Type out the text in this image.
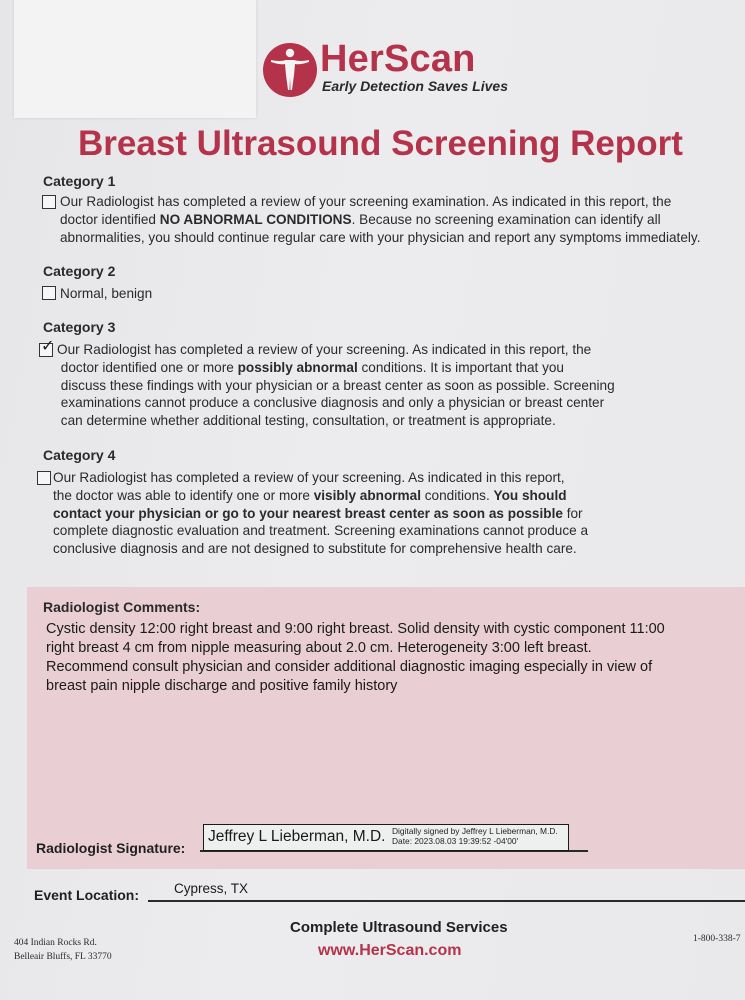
HerScan
Early Detection Saves Lives
Breast Ultrasound Screening Report
Category 1
Our Radiologist has completed a review of your screening examination. As indicated in this report, the
doctor identified NO ABNORMAL CONDITIONS. Because no screening examination can identify all
abnormalities, you should continue regular care with your physician and report any symptoms immediately.
Category 2
Normal, benign
Category 3
✓ Our Radiologist has completed a review of your screening. As indicated in this report, the
doctor identified one or more possibly abnormal conditions. It is important that you
discuss these findings with your physician or a breast center as soon as possible. Screening
examinations cannot produce a conclusive diagnosis and only a physician or breast center
can determine whether additional testing, consultation, or treatment is appropriate.
Category 4
Our Radiologist has completed a review of your screening. As indicated in this report,
the doctor was able to identify one or more visibly abnormal conditions. You should
contact your physician or go to your nearest breast center as soon as possible for
complete diagnostic evaluation and treatment. Screening examinations cannot produce a
conclusive diagnosis and are not designed to substitute for comprehensive health care.
Radiologist Comments:
Cystic density 12:00 right breast and 9:00 right breast. Solid density with cystic component 11:00
right breast 4 cm from nipple measuring about 2.0 cm. Heterogeneity 3:00 left breast.
Recommend consult physician and consider additional diagnostic imaging especially in view of
breast pain nipple discharge and positive family history
Radiologist Signature:
Jeffrey L Lieberman, M.D. Digitally signed by Jeffrey L Lieberman, M.D.
Date: 2023.08.03 19:39:52 -04'00'
Event Location:	Cypress, TX
404 Indian Rocks Rd.
Belleair Bluffs, FL 33770
Complete Ultrasound Services
www.HerScan.com
1-800-338-7
